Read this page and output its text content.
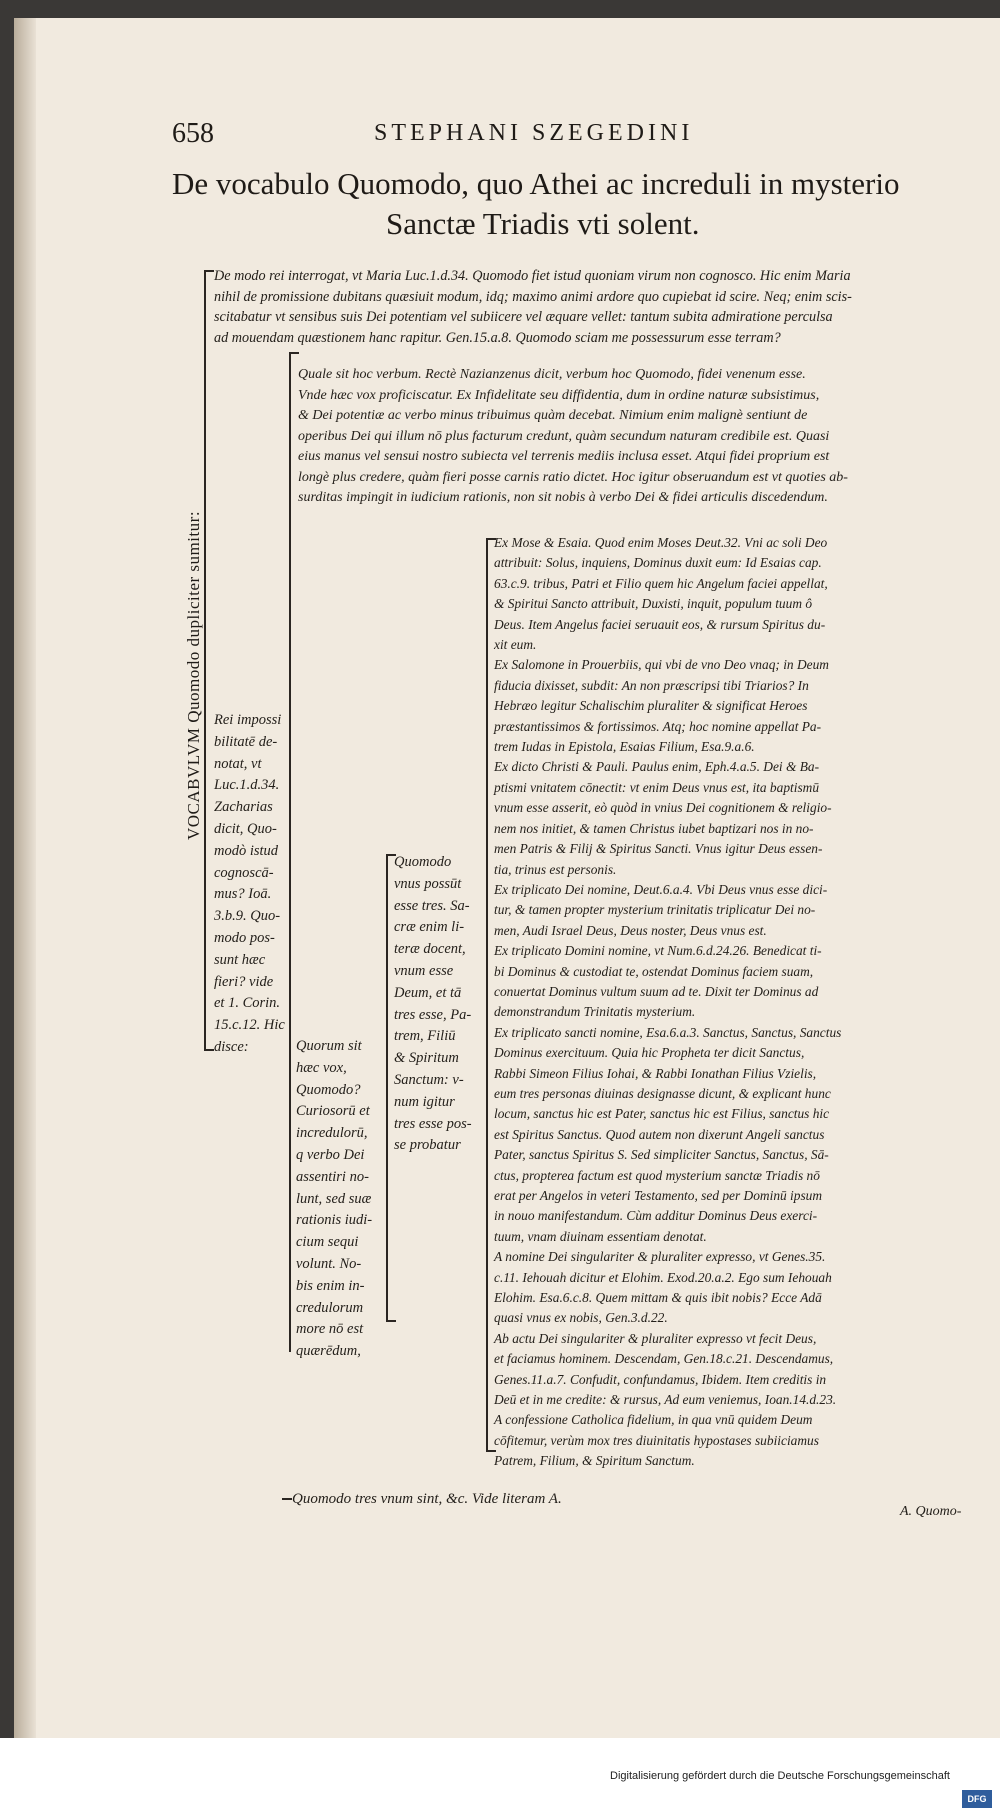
658	STEPHANI SZEGEDINI
De vocabulo Quomodo, quo Athei ac increduli in mysterio
Sanctæ Triadis vti solent.
VOCABVLVM Quomodo dupliciter sumitur:
De modo rei interrogat, vt Maria Luc.1.d.34. Quomodo fiet istud quoniam virum non cognosco. Hic enim Maria
nihil de promissione dubitans quæsiuit modum, idq; maximo animi ardore quo cupiebat id scire. Neq; enim scis-
scitabatur vt sensibus suis Dei potentiam vel subiicere vel æquare vellet: tantum subita admiratione perculsa
ad mouendam quæstionem hanc rapitur. Gen.15.a.8. Quomodo sciam me possessurum esse terram?
Quale sit hoc verbum. Rectè Nazianzenus dicit, verbum hoc Quomodo, fidei venenum esse.
Vnde hæc vox proficiscatur. Ex Infidelitate seu diffidentia, dum in ordine naturæ subsistimus,
& Dei potentiæ ac verbo minus tribuimus quàm decebat. Nimium enim malignè sentiunt de
operibus Dei qui illum nō plus facturum credunt, quàm secundum naturam credibile est. Quasi
eius manus vel sensui nostro subiecta vel terrenis mediis inclusa esset. Atqui fidei proprium est
longè plus credere, quàm fieri posse carnis ratio dictet. Hoc igitur obseruandum est vt quoties ab-
surditas impingit in iudicium rationis, non sit nobis à verbo Dei & fidei articulis discedendum.
Rei impossi
bilitatē de-
notat, vt
Luc.1.d.34.
Zacharias
dicit, Quo-
modò istud
cognoscā-
mus? Ioā.
3.b.9. Quo-
modo pos-
sunt hæc
fieri? vide
et 1. Corin.
15.c.12. Hic
disce:	Quorum sit
hæc vox,
Quomodo?
Curiosorū et
incredulorū,
q verbo Dei
assentiri no-
lunt, sed suæ
rationis iudi-
cium sequi
volunt. No-
bis enim in-
credulorum
more nō est
quærēdum,
Quomodo
vnus possūt
esse tres. Sa-
cræ enim li-
teræ docent,
vnum esse
Deum, et tā
tres esse, Pa-
trem, Filiū
& Spiritum
Sanctum: v-
num igitur
tres esse pos-
se probatur
Ex Mose & Esaia. Quod enim Moses Deut.32. Vni ac soli Deo
attribuit: Solus, inquiens, Dominus duxit eum: Id Esaias cap.
63.c.9. tribus, Patri et Filio quem hic Angelum faciei appellat,
& Spiritui Sancto attribuit, Duxisti, inquit, populum tuum ô
Deus. Item Angelus faciei seruauit eos, & rursum Spiritus du-
xit eum.
Ex Salomone in Prouerbiis, qui vbi de vno Deo vnaq; in Deum
fiducia dixisset, subdit: An non præscripsi tibi Triarios? In
Hebræo legitur Schalischim pluraliter & significat Heroes
præstantissimos & fortissimos. Atq; hoc nomine appellat Pa-
trem Iudas in Epistola, Esaias Filium, Esa.9.a.6.
Ex dicto Christi & Pauli. Paulus enim, Eph.4.a.5. Dei & Ba-
ptismi vnitatem cōnectit: vt enim Deus vnus est, ita baptismū
vnum esse asserit, eò quòd in vnius Dei cognitionem & religio-
nem nos initiet, & tamen Christus iubet baptizari nos in no-
men Patris & Filij & Spiritus Sancti. Vnus igitur Deus essen-
tia, trinus est personis.
Ex triplicato Dei nomine, Deut.6.a.4. Vbi Deus vnus esse dici-
tur, & tamen propter mysterium trinitatis triplicatur Dei no-
men, Audi Israel Deus, Deus noster, Deus vnus est.
Ex triplicato Domini nomine, vt Num.6.d.24.26. Benedicat ti-
bi Dominus & custodiat te, ostendat Dominus faciem suam,
conuertat Dominus vultum suum ad te. Dixit ter Dominus ad
demonstrandum Trinitatis mysterium.
Ex triplicato sancti nomine, Esa.6.a.3. Sanctus, Sanctus, Sanctus
Dominus exercituum. Quia hic Propheta ter dicit Sanctus,
Rabbi Simeon Filius Iohai, & Rabbi Ionathan Filius Vzielis,
eum tres personas diuinas designasse dicunt, & explicant hunc
locum, sanctus hic est Pater, sanctus hic est Filius, sanctus hic
est Spiritus Sanctus. Quod autem non dixerunt Angeli sanctus
Pater, sanctus Spiritus S. Sed simpliciter Sanctus, Sanctus, Sā-
ctus, propterea factum est quod mysterium sanctæ Triadis nō
erat per Angelos in veteri Testamento, sed per Dominū ipsum
in nouo manifestandum. Cùm additur Dominus Deus exerci-
tuum, vnam diuinam essentiam denotat.
A nomine Dei singulariter & pluraliter expresso, vt Genes.35.
c.11. Iehouah dicitur et Elohim. Exod.20.a.2. Ego sum Iehouah
Elohim. Esa.6.c.8. Quem mittam & quis ibit nobis? Ecce Adā
quasi vnus ex nobis, Gen.3.d.22.
Ab actu Dei singulariter & pluraliter expresso vt fecit Deus,
et faciamus hominem. Descendam, Gen.18.c.21. Descendamus,
Genes.11.a.7. Confudit, confundamus, Ibidem. Item creditis in
Deū et in me credite: & rursus, Ad eum veniemus, Ioan.14.d.23.
A confessione Catholica fidelium, in qua vnū quidem Deum
cōfitemur, verùm mox tres diuinitatis hypostases subiiciamus
Patrem, Filium, & Spiritum Sanctum.
Quomodo tres vnum sint, &c. Vide literam A.
A. Quomo-
Digitalisierung gefördert durch die Deutsche Forschungsgemeinschaft
DFG
